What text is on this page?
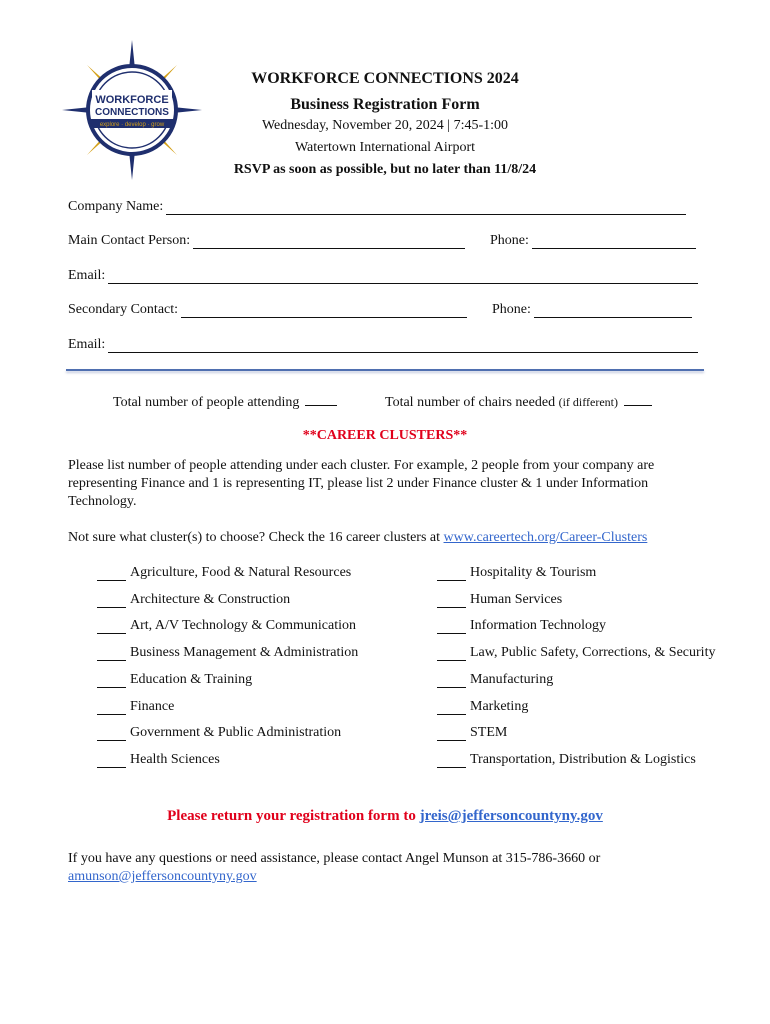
WORKFORCE
CONNECTIONS
explore · develop · grow
WORKFORCE CONNECTIONS 2024
Business Registration Form
Wednesday, November 20, 2024 | 7:45-1:00
Watertown International Airport
RSVP as soon as possible, but no later than 11/8/24
Company Name:
Main Contact Person:	Phone:
Email:
Secondary Contact:	Phone:
Email:
Total number of people attending	Total number of chairs needed (if different)
**CAREER CLUSTERS**
Please list number of people attending under each cluster. For example, 2 people from your company are representing Finance and 1 is representing IT, please list 2 under Finance cluster & 1 under Information Technology.
Not sure what cluster(s) to choose? Check the 16 career clusters at www.careertech.org/Career-Clusters
Agriculture, Food & Natural Resources
Architecture & Construction
Art, A/V Technology & Communication
Business Management & Administration
Education & Training
Finance
Government & Public Administration
Health Sciences
Hospitality & Tourism
Human Services
Information Technology
Law, Public Safety, Corrections, & Security
Manufacturing
Marketing
STEM
Transportation, Distribution & Logistics
Please return your registration form to jreis@jeffersoncountyny.gov
If you have any questions or need assistance, please contact Angel Munson at 315-786-3660 or
amunson@jeffersoncountyny.gov
